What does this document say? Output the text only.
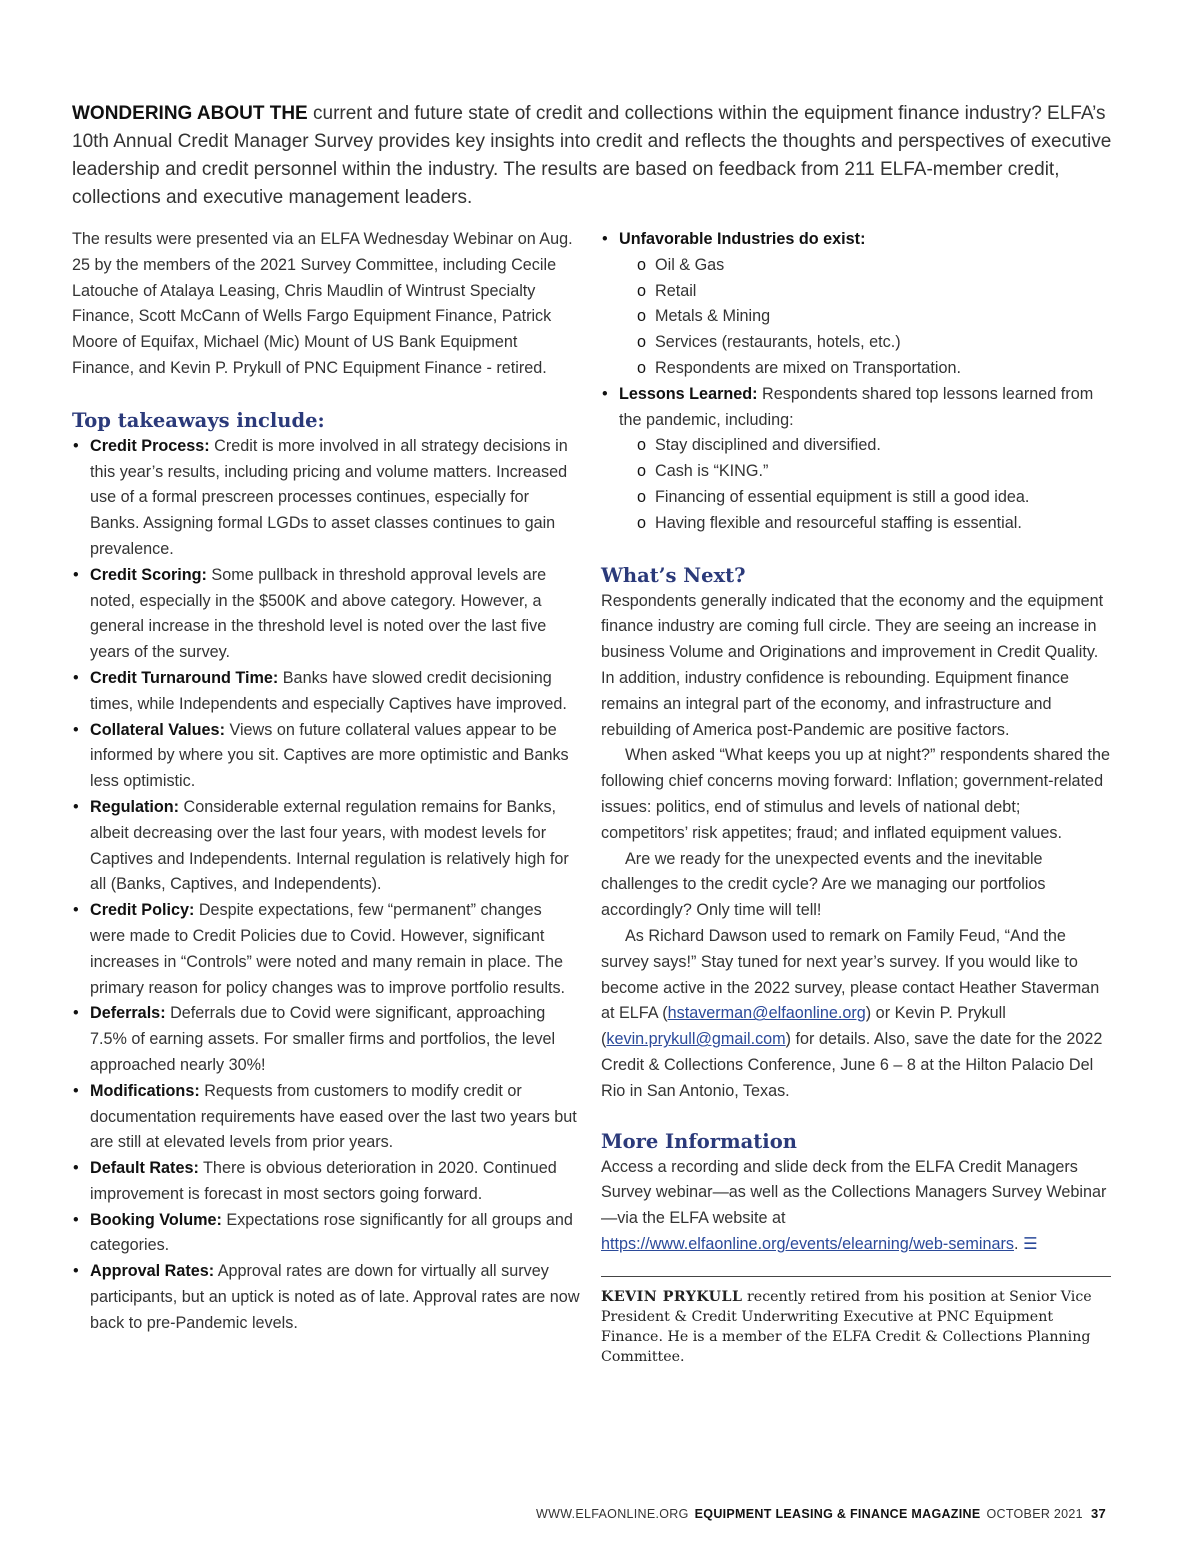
WONDERING ABOUT THE current and future state of credit and collections within the equipment finance industry? ELFA’s 10th Annual Credit Manager Survey provides key insights into credit and reflects the thoughts and perspectives of executive leadership and credit personnel within the industry. The results are based on feedback from 211 ELFA-member credit, collections and executive management leaders.

The results were presented via an ELFA Wednesday Webinar on Aug. 25 by the members of the 2021 Survey Committee, including Cecile Latouche of Atalaya Leasing, Chris Maudlin of Wintrust Specialty Finance, Scott McCann of Wells Fargo Equipment Finance, Patrick Moore of Equifax, Michael (Mic) Mount of US Bank Equipment Finance, and Kevin P. Prykull of PNC Equipment Finance - retired.

Top takeaways include:
• Credit Process: Credit is more involved in all strategy decisions in this year’s results, including pricing and volume matters. Increased use of a formal prescreen processes continues, especially for Banks. Assigning formal LGDs to asset classes continues to gain prevalence.
• Credit Scoring: Some pullback in threshold approval levels are noted, especially in the $500K and above category. However, a general increase in the threshold level is noted over the last five years of the survey.
• Credit Turnaround Time: Banks have slowed credit decisioning times, while Independents and especially Captives have improved.
• Collateral Values: Views on future collateral values appear to be informed by where you sit. Captives are more optimistic and Banks less optimistic.
• Regulation: Considerable external regulation remains for Banks, albeit decreasing over the last four years, with modest levels for Captives and Independents. Internal regulation is relatively high for all (Banks, Captives, and Independents).
• Credit Policy: Despite expectations, few “permanent” changes were made to Credit Policies due to Covid. However, significant increases in “Controls” were noted and many remain in place. The primary reason for policy changes was to improve portfolio results.
• Deferrals: Deferrals due to Covid were significant, approaching 7.5% of earning assets. For smaller firms and portfolios, the level approached nearly 30%!
• Modifications: Requests from customers to modify credit or documentation requirements have eased over the last two years but are still at elevated levels from prior years.
• Default Rates: There is obvious deterioration in 2020. Continued improvement is forecast in most sectors going forward.
• Booking Volume: Expectations rose significantly for all groups and categories.
• Approval Rates: Approval rates are down for virtually all survey participants, but an uptick is noted as of late. Approval rates are now back to pre-Pandemic levels.
• Unfavorable Industries do exist:
o Oil & Gas
o Retail
o Metals & Mining
o Services (restaurants, hotels, etc.)
o Respondents are mixed on Transportation.
• Lessons Learned: Respondents shared top lessons learned from the pandemic, including:
o Stay disciplined and diversified.
o Cash is “KING.”
o Financing of essential equipment is still a good idea.
o Having flexible and resourceful staffing is essential.
What’s Next?

Respondents generally indicated that the economy and the equipment finance industry are coming full circle. They are seeing an increase in business Volume and Originations and improvement in Credit Quality. In addition, industry confidence is rebounding. Equipment finance remains an integral part of the economy, and infrastructure and rebuilding of America post-Pandemic are positive factors.

When asked “What keeps you up at night?” respondents shared the following chief concerns moving forward: Inflation; government-related issues: politics, end of stimulus and levels of national debt; competitors’ risk appetites; fraud; and inflated equipment values.

Are we ready for the unexpected events and the inevitable challenges to the credit cycle? Are we managing our portfolios accordingly? Only time will tell!

As Richard Dawson used to remark on Family Feud, “And the survey says!” Stay tuned for next year’s survey. If you would like to become active in the 2022 survey, please contact Heather Staverman at ELFA (hstaverman@elfaonline.org) or Kevin P. Prykull (kevin.prykull@gmail.com) for details. Also, save the date for the 2022 Credit & Collections Conference, June 6 – 8 at the Hilton Palacio Del Rio in San Antonio, Texas.

More Information

Access a recording and slide deck from the ELFA Credit Managers Survey webinar—as well as the Collections Managers Survey Webinar—via the ELFA website at https://www.elfaonline.org/events/elearning/web-seminars. ☰

KEVIN PRYKULL recently retired from his position at Senior Vice President & Credit Underwriting Executive at PNC Equipment Finance. He is a member of the ELFA Credit & Collections Planning Committee.

WWW.ELFAONLINE.ORG EQUIPMENT LEASING & FINANCE MAGAZINE OCTOBER 2021 37
